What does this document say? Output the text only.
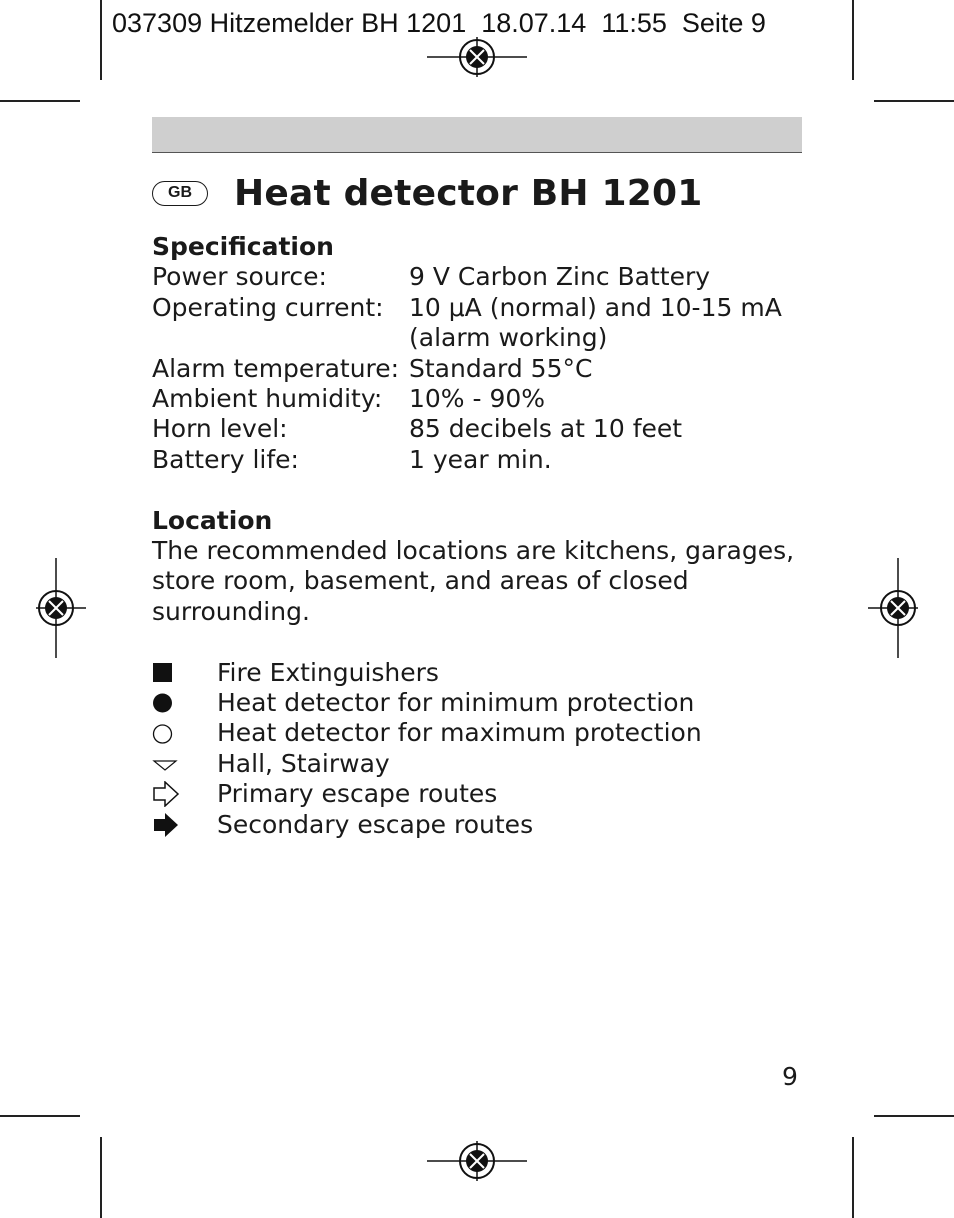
037309 Hitzemelder BH 1201  18.07.14  11:55  Seite 9
GB	Heat detector BH 1201
Specification
Power source:	9 V Carbon Zinc Battery
Operating current:	10 μA (normal) and 10-15 mA
(alarm working)
Alarm temperature: Standard 55°C
Ambient humidity:	10% - 90%
Horn level:	85 decibels at 10 feet
Battery life:	1 year min.
Location
The recommended locations are kitchens, garages, store room, basement, and areas of closed surrounding.
Fire Extinguishers
Heat detector for minimum protection
Heat detector for maximum protection
Hall, Stairway
Primary escape routes
Secondary escape routes
9
